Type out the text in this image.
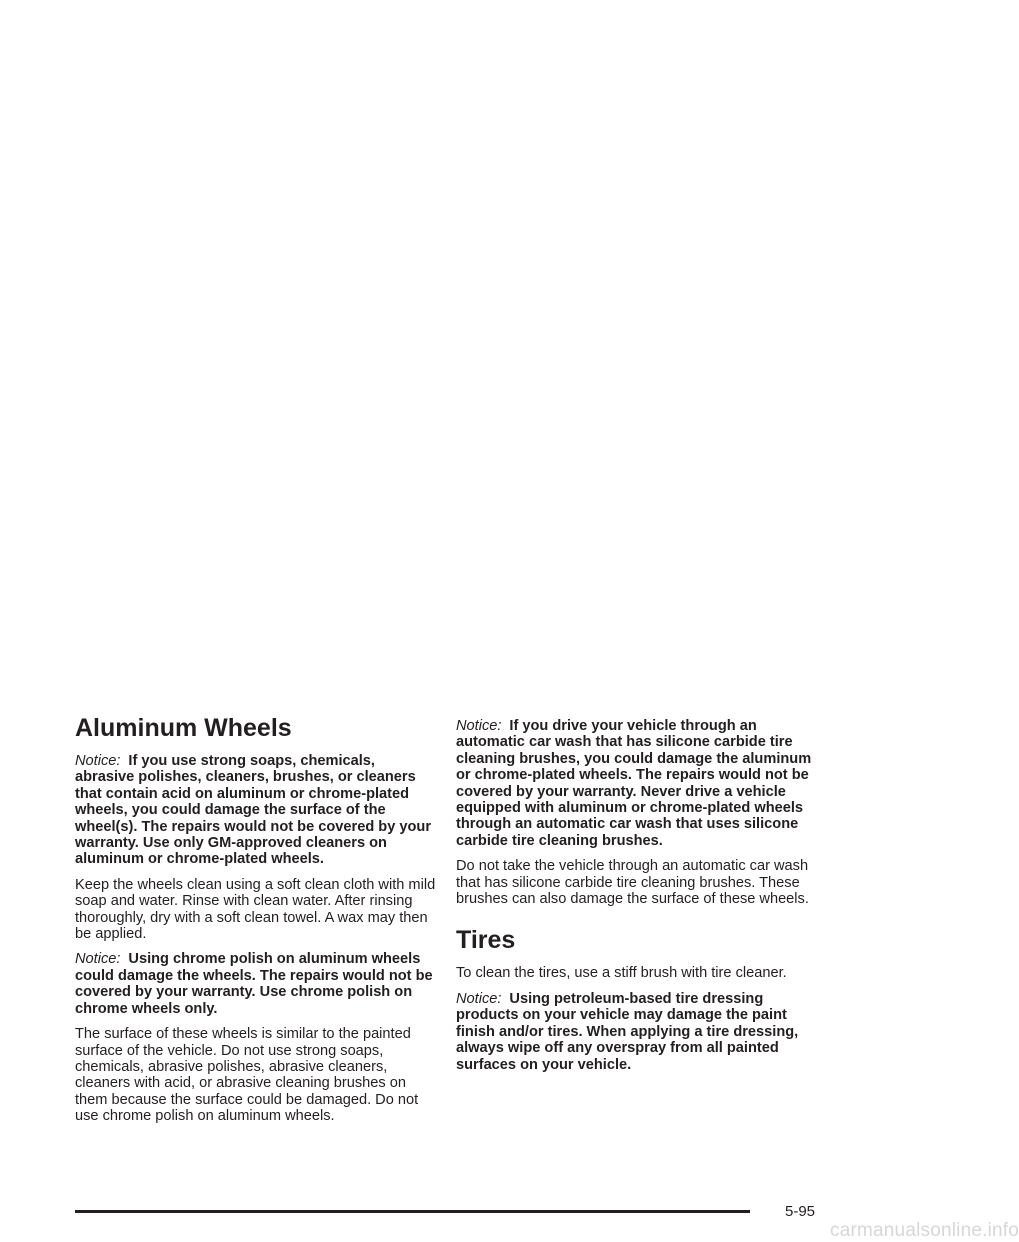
Aluminum Wheels

Notice: If you use strong soaps, chemicals, abrasive polishes, cleaners, brushes, or cleaners that contain acid on aluminum or chrome-plated wheels, you could damage the surface of the wheel(s). The repairs would not be covered by your warranty. Use only GM-approved cleaners on aluminum or chrome-plated wheels.

Keep the wheels clean using a soft clean cloth with mild soap and water. Rinse with clean water. After rinsing thoroughly, dry with a soft clean towel. A wax may then be applied.

Notice: Using chrome polish on aluminum wheels could damage the wheels. The repairs would not be covered by your warranty. Use chrome polish on chrome wheels only.

The surface of these wheels is similar to the painted surface of the vehicle. Do not use strong soaps, chemicals, abrasive polishes, abrasive cleaners, cleaners with acid, or abrasive cleaning brushes on them because the surface could be damaged. Do not use chrome polish on aluminum wheels.

Notice: If you drive your vehicle through an automatic car wash that has silicone carbide tire cleaning brushes, you could damage the aluminum or chrome-plated wheels. The repairs would not be covered by your warranty. Never drive a vehicle equipped with aluminum or chrome-plated wheels through an automatic car wash that uses silicone carbide tire cleaning brushes.

Do not take the vehicle through an automatic car wash that has silicone carbide tire cleaning brushes. These brushes can also damage the surface of these wheels.

Tires

To clean the tires, use a stiff brush with tire cleaner.

Notice: Using petroleum-based tire dressing products on your vehicle may damage the paint finish and/or tires. When applying a tire dressing, always wipe off any overspray from all painted surfaces on your vehicle.

5-95
carmanualsonline.info
